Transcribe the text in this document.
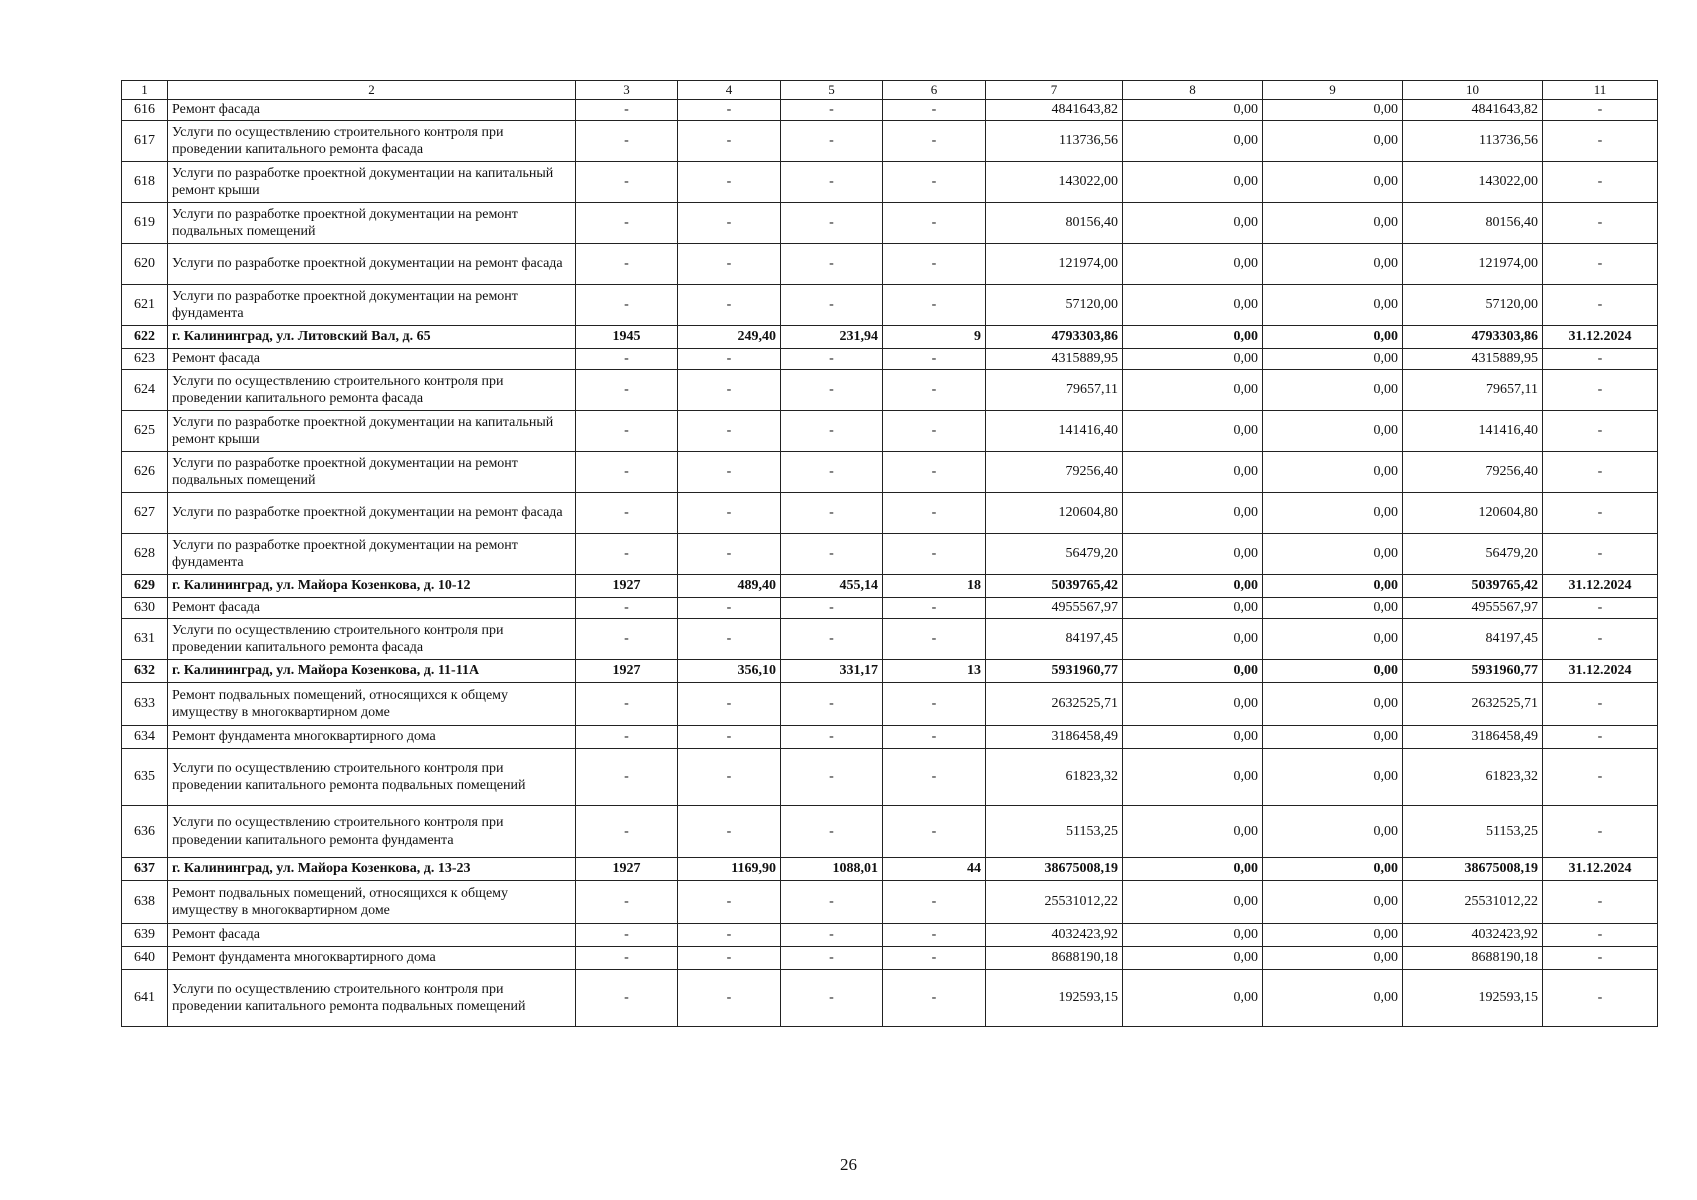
1	2	3	4	5	6	7	8	9	10	11
616	Ремонт фасада	-	-	-	-	4841643,82	0,00	0,00	4841643,82	-
617	Услуги по осуществлению строительного контроля при проведении капитального ремонта фасада	-	-	-	-	113736,56	0,00	0,00	113736,56	-
618	Услуги по разработке проектной документации на капитальный ремонт крыши	-	-	-	-	143022,00	0,00	0,00	143022,00	-
619	Услуги по разработке проектной документации на ремонт подвальных помещений	-	-	-	-	80156,40	0,00	0,00	80156,40	-
620	Услуги по разработке проектной документации на ремонт фасада	-	-	-	-	121974,00	0,00	0,00	121974,00	-
621	Услуги по разработке проектной документации на ремонт фундамента	-	-	-	-	57120,00	0,00	0,00	57120,00	-
622	г. Калининград, ул. Литовский Вал, д. 65	1945	249,40	231,94	9	4793303,86	0,00	0,00	4793303,86	31.12.2024
623	Ремонт фасада	-	-	-	-	4315889,95	0,00	0,00	4315889,95	-
624	Услуги по осуществлению строительного контроля при проведении капитального ремонта фасада	-	-	-	-	79657,11	0,00	0,00	79657,11	-
625	Услуги по разработке проектной документации на капитальный ремонт крыши	-	-	-	-	141416,40	0,00	0,00	141416,40	-
626	Услуги по разработке проектной документации на ремонт подвальных помещений	-	-	-	-	79256,40	0,00	0,00	79256,40	-
627	Услуги по разработке проектной документации на ремонт фасада	-	-	-	-	120604,80	0,00	0,00	120604,80	-
628	Услуги по разработке проектной документации на ремонт фундамента	-	-	-	-	56479,20	0,00	0,00	56479,20	-
629	г. Калининград, ул. Майора Козенкова, д. 10-12	1927	489,40	455,14	18	5039765,42	0,00	0,00	5039765,42	31.12.2024
630	Ремонт фасада	-	-	-	-	4955567,97	0,00	0,00	4955567,97	-
631	Услуги по осуществлению строительного контроля при проведении капитального ремонта фасада	-	-	-	-	84197,45	0,00	0,00	84197,45	-
632	г. Калининград, ул. Майора Козенкова, д. 11-11А	1927	356,10	331,17	13	5931960,77	0,00	0,00	5931960,77	31.12.2024
633	Ремонт подвальных помещений, относящихся к общему имуществу в многоквартирном доме	-	-	-	-	2632525,71	0,00	0,00	2632525,71	-
634	Ремонт фундамента многоквартирного дома	-	-	-	-	3186458,49	0,00	0,00	3186458,49	-
635	Услуги по осуществлению строительного контроля при проведении капитального ремонта подвальных помещений	-	-	-	-	61823,32	0,00	0,00	61823,32	-
636	Услуги по осуществлению строительного контроля при проведении капитального ремонта фундамента	-	-	-	-	51153,25	0,00	0,00	51153,25	-
637	г. Калининград, ул. Майора Козенкова, д. 13-23	1927	1169,90	1088,01	44	38675008,19	0,00	0,00	38675008,19	31.12.2024
638	Ремонт подвальных помещений, относящихся к общему имуществу в многоквартирном доме	-	-	-	-	25531012,22	0,00	0,00	25531012,22	-
639	Ремонт фасада	-	-	-	-	4032423,92	0,00	0,00	4032423,92	-
640	Ремонт фундамента многоквартирного дома	-	-	-	-	8688190,18	0,00	0,00	8688190,18	-
641	Услуги по осуществлению строительного контроля при проведении капитального ремонта подвальных помещений	-	-	-	-	192593,15	0,00	0,00	192593,15	-
26
